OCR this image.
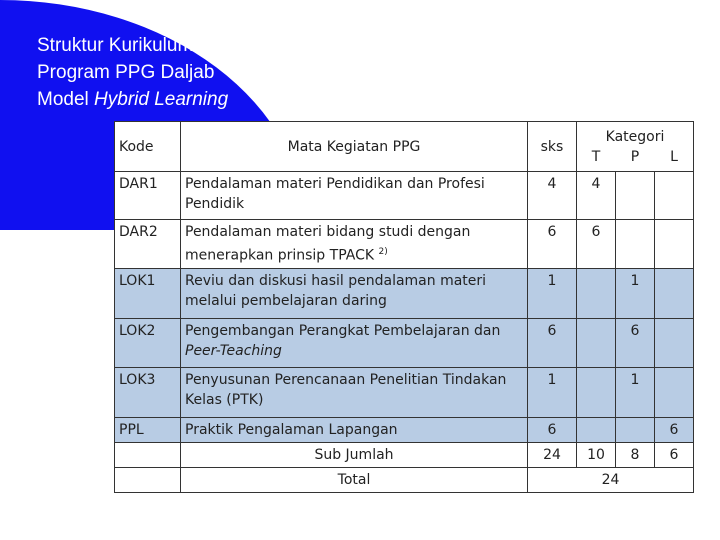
Struktur Kurikulum
Program PPG Daljab
Model Hybrid Learning
Kode	Mata Kegiatan PPG	sks	Kategori
T P L		

DAR1	Pendalaman materi Pendidikan dan Profesi Pendidik	4	4		
DAR2	Pendalaman materi bidang studi dengan menerapkan prinsip TPACK $^{2)}$	6	6		
LOK1	Reviu dan diskusi hasil pendalaman materi melalui pembelajaran daring	1		1	
LOK2	Pengembangan Perangkat Pembelajaran dan Peer-Teaching	6		6	
LOK3	Penyusunan Perencanaan Penelitian Tindakan Kelas (PTK)	1		1	
PPL	Praktik Pengalaman Lapangan	6			6
	Sub Jumlah	24	10	8	6
	Total	24			
